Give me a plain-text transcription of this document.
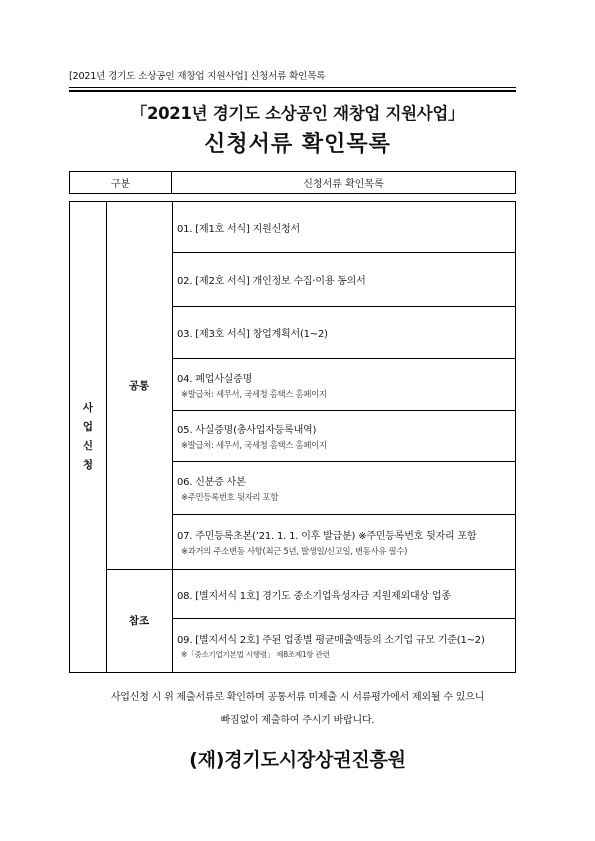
[2021년 경기도 소상공인 재창업 지원사업] 신청서류 확인목록
「2021년 경기도 소상공인 재창업 지원사업」
신청서류 확인목록
구분	신청서류 확인목록
사업신청
공통
참조
01. [제1호 서식] 지원신청서
02. [제2호 서식] 개인정보 수집·이용 동의서
03. [제3호 서식] 창업계획서(1~2)
04. 폐업사실증명
※발급처: 세무서, 국세청 홈택스 홈페이지
05. 사실증명(총사업자등록내역)
※발급처: 세무서, 국세청 홈택스 홈페이지
06. 신분증 사본
※주민등록번호 뒷자리 포함
07. 주민등록초본(’21. 1. 1. 이후 발급분) ※주민등록번호 뒷자리 포함
※과거의 주소변동 사항(최근 5년, 발생일/신고일, 변동사유 필수)
08. [별지서식 1호] 경기도 중소기업육성자금 지원제외대상 업종
09. [별지서식 2호] 주된 업종별 평균매출액등의 소기업 규모 기준(1~2)
※「중소기업기본법 시행령」 제8조제1항 관련
사업신청 시 위 제출서류로 확인하며 공통서류 미제출 시 서류평가에서 제외될 수 있으니
빠짐없이 제출하여 주시기 바랍니다.
(재)경기도시장상권진흥원
